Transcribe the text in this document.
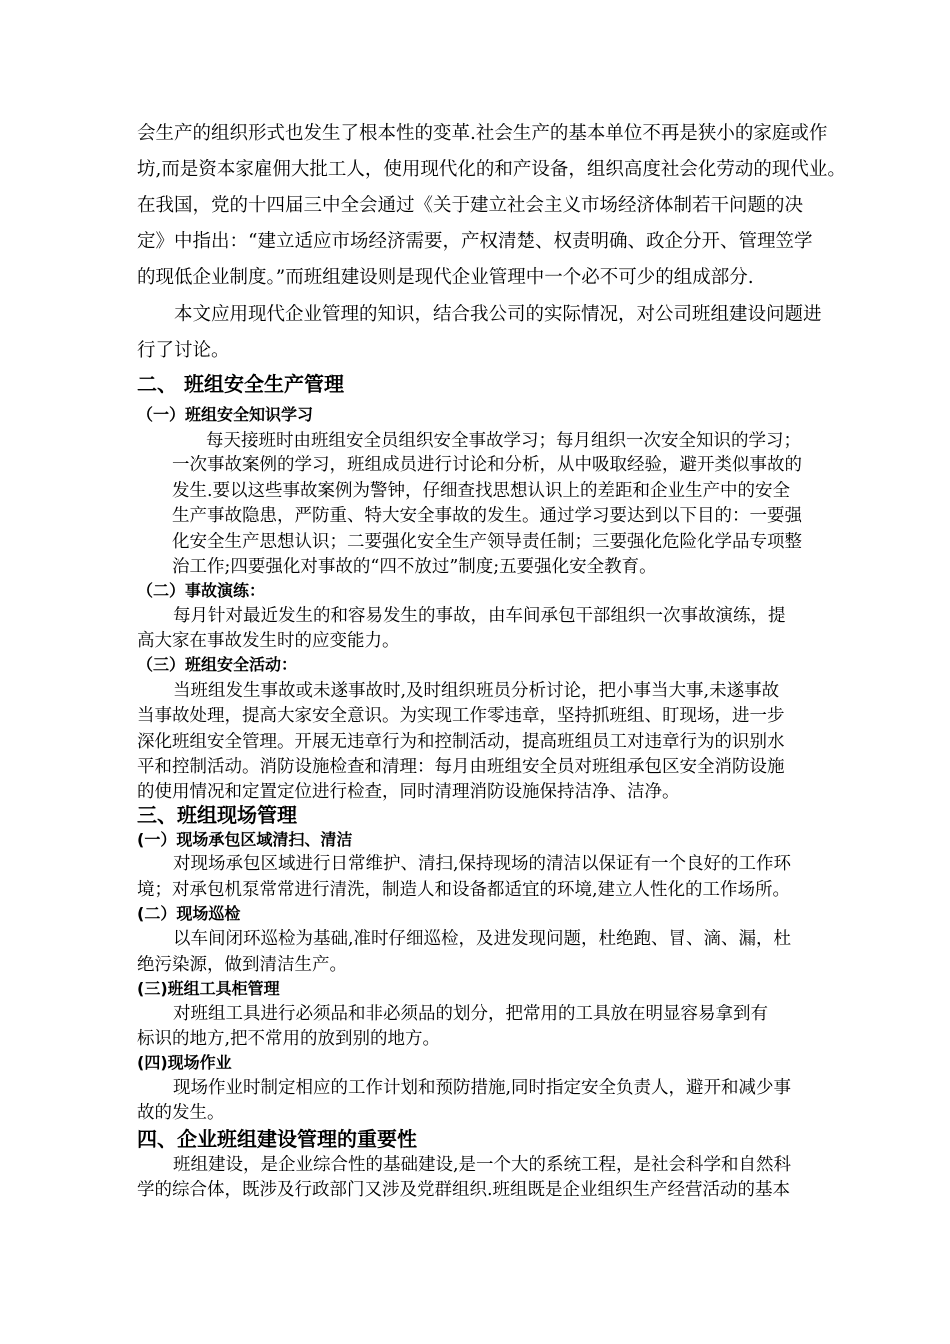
会生产的组织形式也发生了根本性的变革.社会生产的基本单位不再是狭小的家庭或作
坊,而是资本家雇佣大批工人，使用现代化的和产设备，组织高度社会化劳动的现代业。
在我国，党的十四届三中全会通过《关于建立社会主义市场经济体制若干问题的决
定》中指出：“建立适应市场经济需要，产权清楚、权责明确、政企分开、管理笠学
的现低企业制度。”而班组建设则是现代企业管理中一个必不可少的组成部分.
本文应用现代企业管理的知识，结合我公司的实际情况，对公司班组建设问题进
行了讨论。
二、 班组安全生产管理
（一）班组安全知识学习
每天接班时由班组安全员组织安全事故学习；每月组织一次安全知识的学习；
一次事故案例的学习，班组成员进行讨论和分析，从中吸取经验，避开类似事故的
发生.要以这些事故案例为警钟，仔细查找思想认识上的差距和企业生产中的安全
生产事故隐患，严防重、特大安全事故的发生。通过学习要达到以下目的：一要强
化安全生产思想认识；二要强化安全生产领导责任制；三要强化危险化学品专项整
治工作;四要强化对事故的“四不放过”制度;五要强化安全教育。
（二）事故演练：
每月针对最近发生的和容易发生的事故，由车间承包干部组织一次事故演练，提
高大家在事故发生时的应变能力。
（三）班组安全活动：
当班组发生事故或未遂事故时,及时组织班员分析讨论，把小事当大事,未遂事故
当事故处理，提高大家安全意识。为实现工作零违章，坚持抓班组、盯现场，进一步
深化班组安全管理。开展无违章行为和控制活动，提高班组员工对违章行为的识别水
平和控制活动。消防设施检查和清理：每月由班组安全员对班组承包区安全消防设施
的使用情况和定置定位进行检查，同时清理消防设施保持洁净、洁净。
三、班组现场管理
(一）现场承包区域清扫、清洁
对现场承包区域进行日常维护、清扫,保持现场的清洁以保证有一个良好的工作环
境；对承包机泵常常进行清洗，制造人和设备都适宜的环境,建立人性化的工作场所。
(二）现场巡检
以车间闭环巡检为基础,准时仔细巡检，及进发现问题，杜绝跑、冒、滴、漏，杜
绝污染源，做到清洁生产。
(三)班组工具柜管理
对班组工具进行必须品和非必须品的划分，把常用的工具放在明显容易拿到有
标识的地方,把不常用的放到别的地方。
(四)现场作业
现场作业时制定相应的工作计划和预防措施,同时指定安全负责人，避开和减少事
故的发生。
四、企业班组建设管理的重要性
班组建设，是企业综合性的基础建设,是一个大的系统工程，是社会科学和自然科
学的综合体，既涉及行政部门又涉及党群组织.班组既是企业组织生产经营活动的基本
